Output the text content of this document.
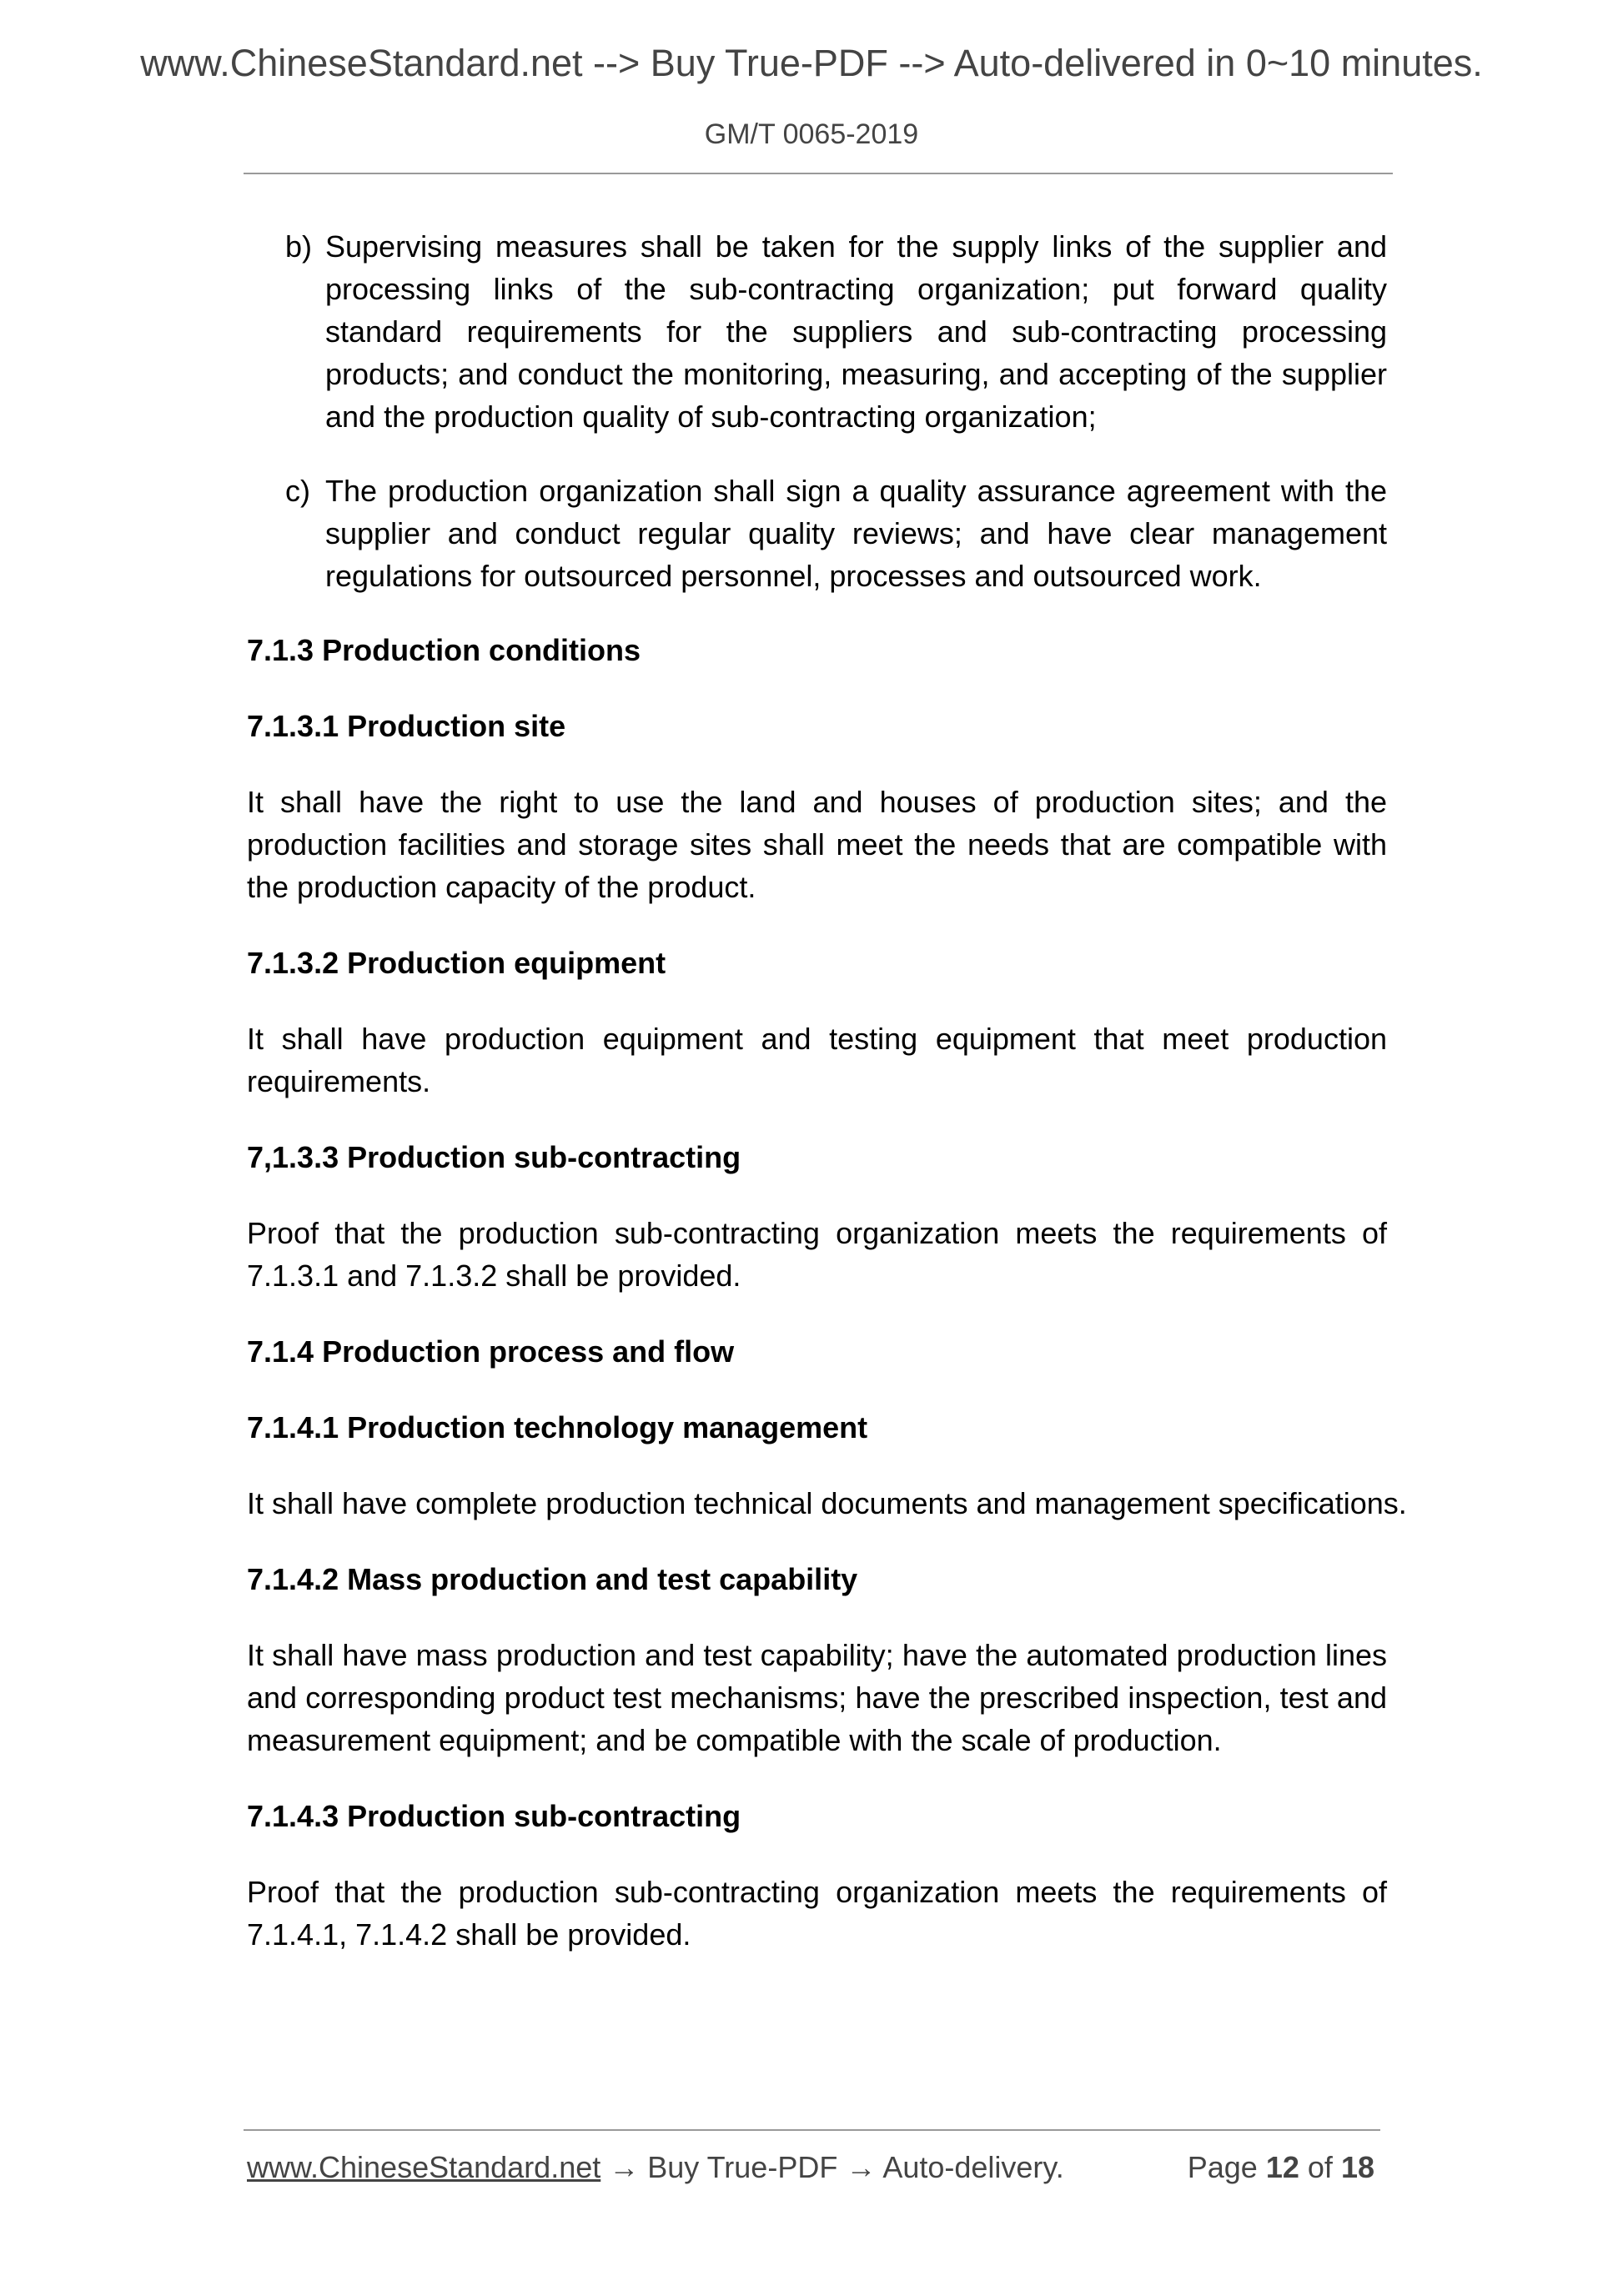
www.ChineseStandard.net --> Buy True-PDF --> Auto-delivered in 0~10 minutes.
GM/T 0065-2019
b) Supervising measures shall be taken for the supply links of the supplier and processing links of the sub-contracting organization; put forward quality standard requirements for the suppliers and sub-contracting processing products; and conduct the monitoring, measuring, and accepting of the supplier and the production quality of sub-contracting organization;
c) The production organization shall sign a quality assurance agreement with the supplier and conduct regular quality reviews; and have clear management regulations for outsourced personnel, processes and outsourced work.
7.1.3 Production conditions
7.1.3.1 Production site
It shall have the right to use the land and houses of production sites; and the production facilities and storage sites shall meet the needs that are compatible with the production capacity of the product.
7.1.3.2 Production equipment
It shall have production equipment and testing equipment that meet production requirements.
7,1.3.3 Production sub-contracting
Proof that the production sub-contracting organization meets the requirements of 7.1.3.1 and 7.1.3.2 shall be provided.
7.1.4 Production process and flow
7.1.4.1 Production technology management
It shall have complete production technical documents and management specifications.
7.1.4.2 Mass production and test capability
It shall have mass production and test capability; have the automated production lines and corresponding product test mechanisms; have the prescribed inspection, test and measurement equipment; and be compatible with the scale of production.
7.1.4.3 Production sub-contracting
Proof that the production sub-contracting organization meets the requirements of 7.1.4.1, 7.1.4.2 shall be provided.
www.ChineseStandard.net → Buy True-PDF → Auto-delivery.	Page 12 of 18
